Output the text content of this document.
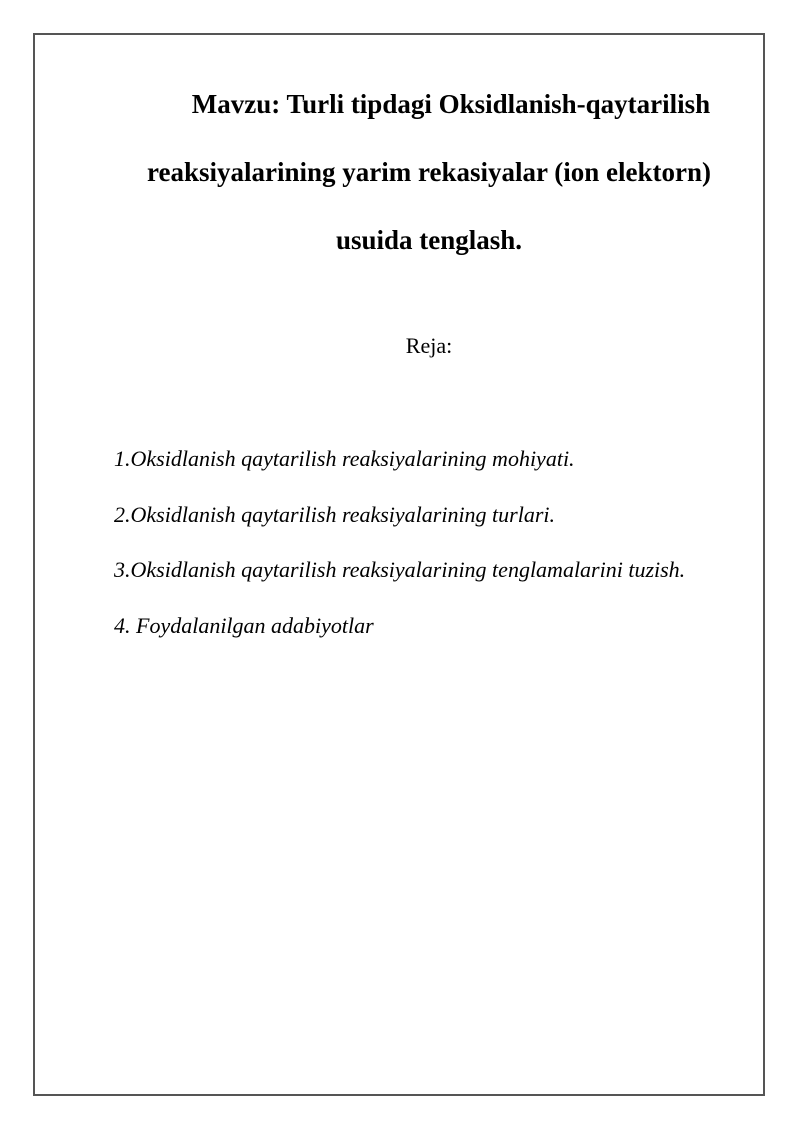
Mavzu: Turli tipdagi Oksidlanish-qaytarilish reaksiyalarining yarim rekasiyalar (ion elektorn) usuida tenglash.

Reja:

1.Oksidlanish qaytarilish reaksiyalarining mohiyati.
2.Oksidlanish qaytarilish reaksiyalarining turlari.
3.Oksidlanish qaytarilish reaksiyalarining tenglamalarini tuzish.
4. Foydalanilgan adabiyotlar
